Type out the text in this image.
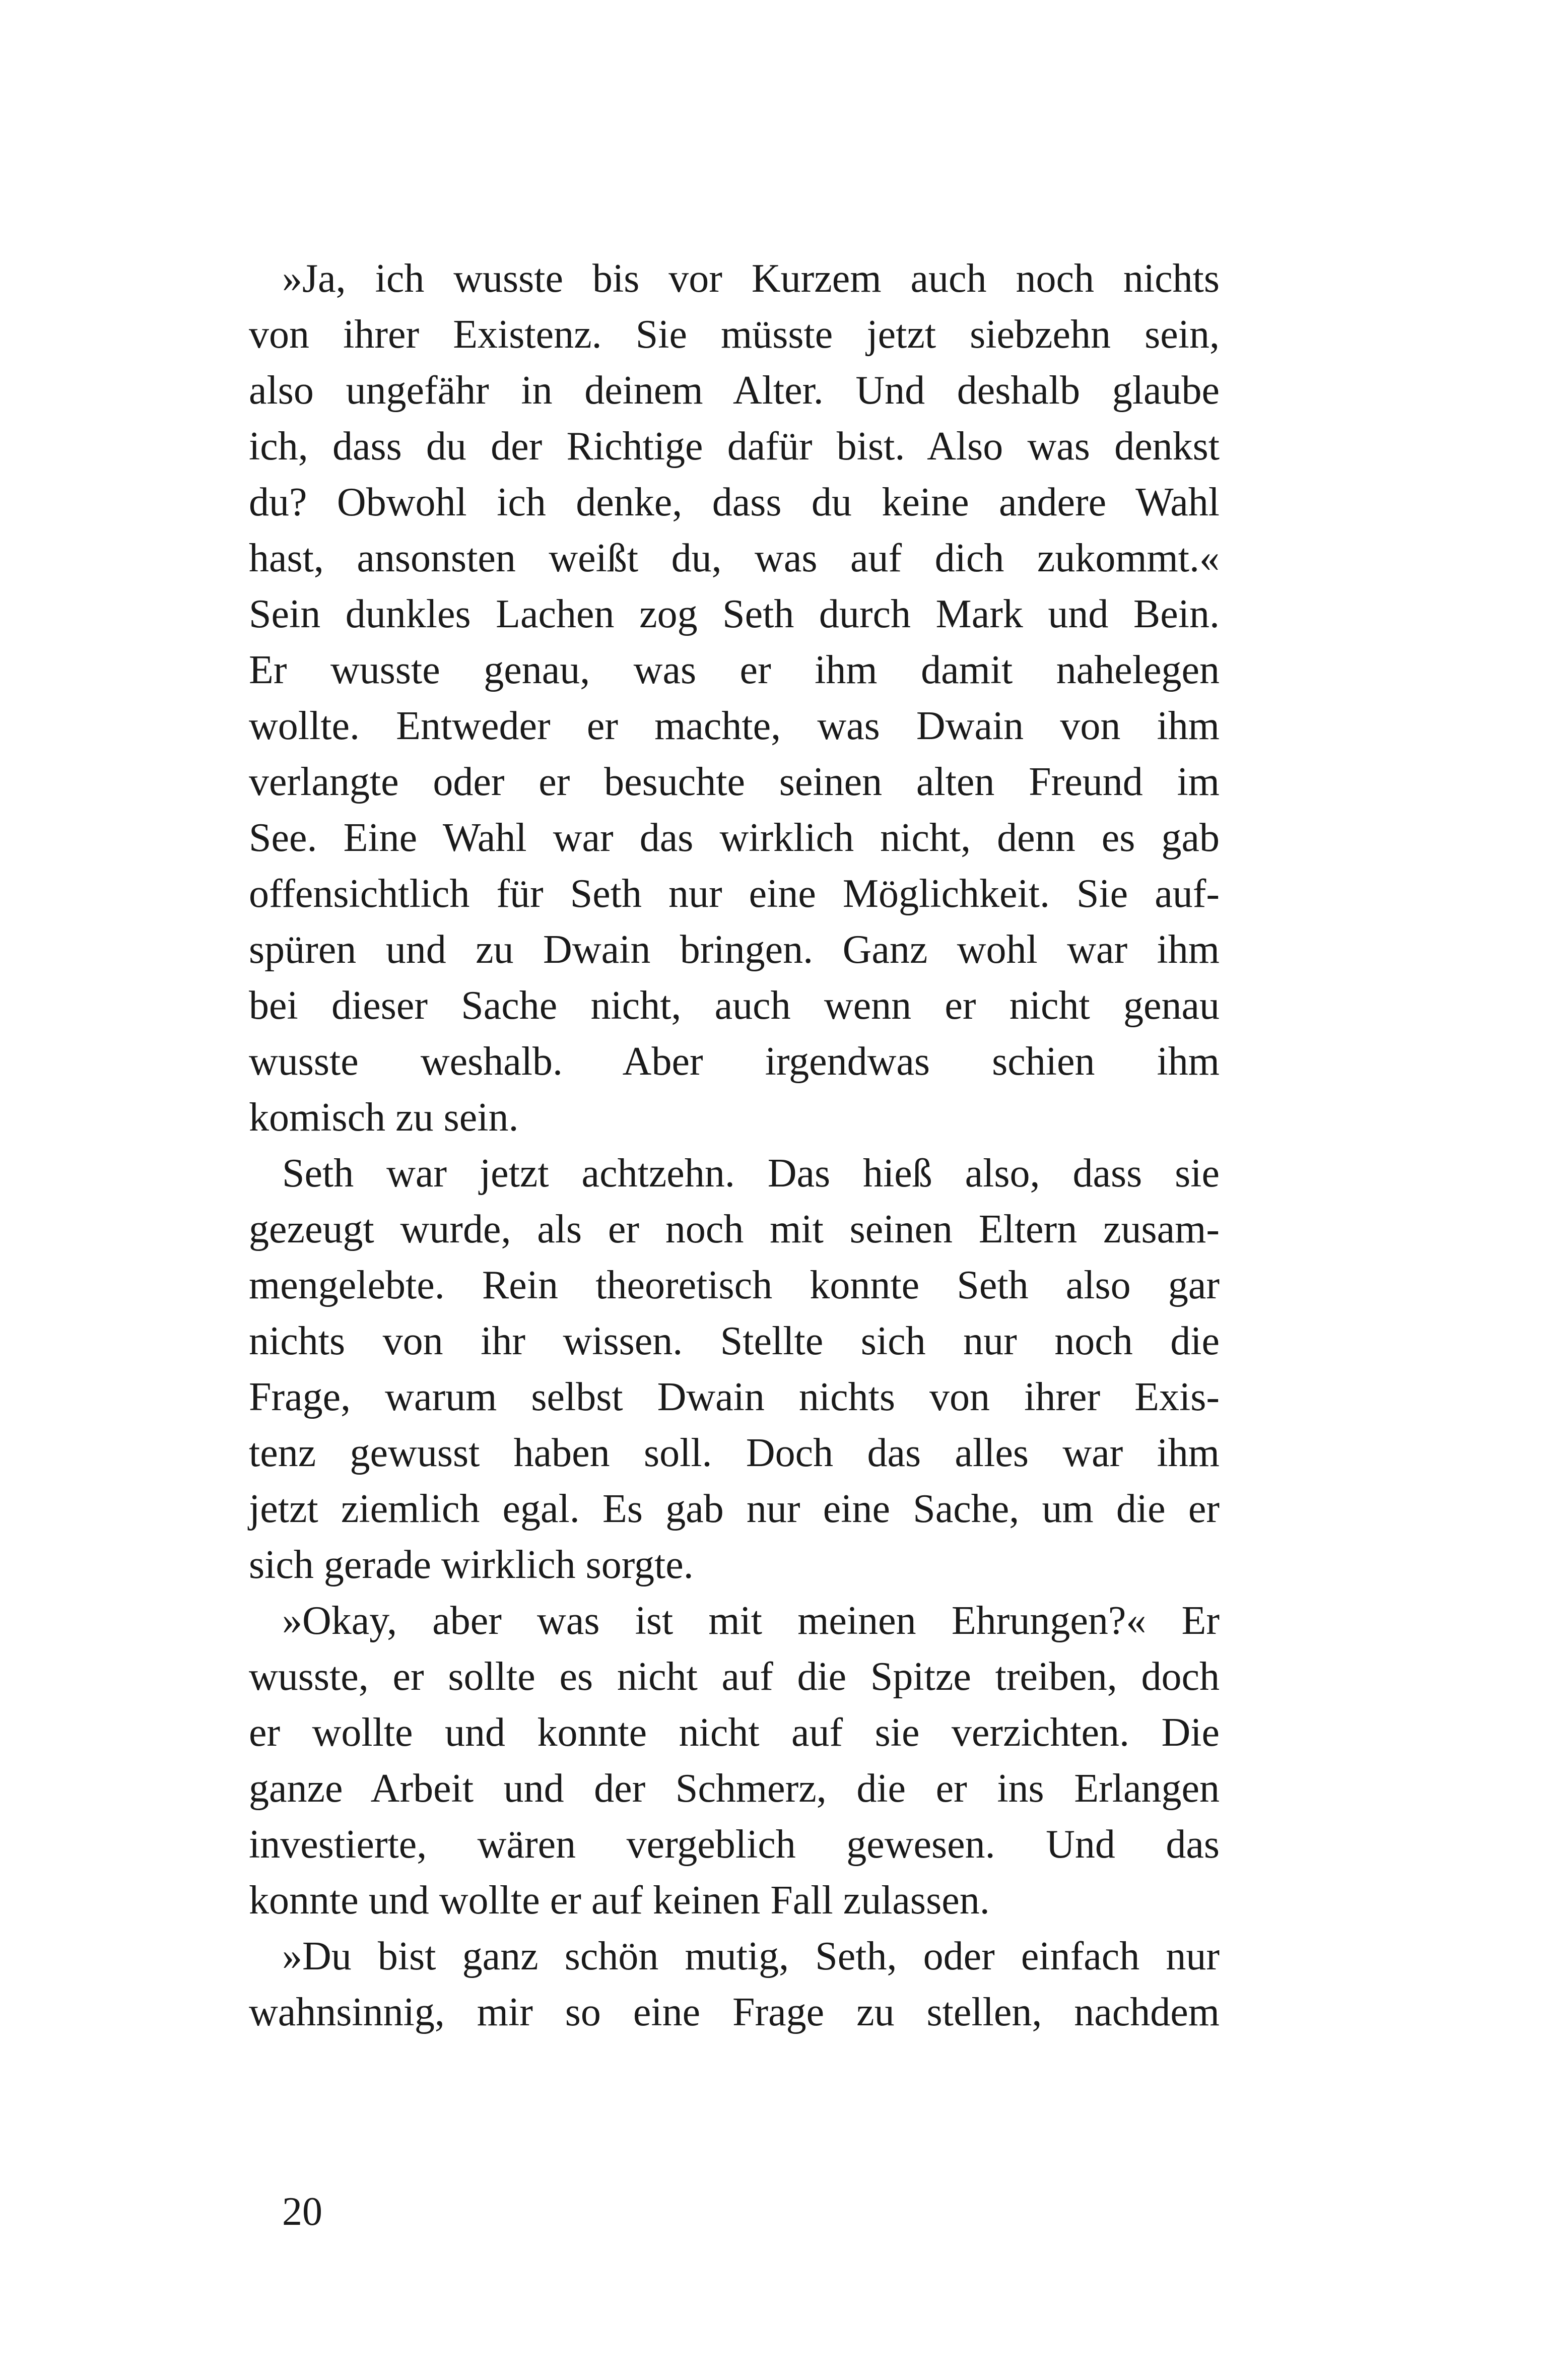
»Ja, ich wusste bis vor Kurzem auch noch nichts
von ihrer Existenz. Sie müsste jetzt siebzehn sein,
also ungefähr in deinem Alter. Und deshalb glaube
ich, dass du der Richtige dafür bist. Also was denkst
du? Obwohl ich denke, dass du keine andere Wahl
hast, ansonsten weißt du, was auf dich zukommt.«
Sein dunkles Lachen zog Seth durch Mark und Bein.
Er wusste genau, was er ihm damit nahelegen
wollte. Entweder er machte, was Dwain von ihm
verlangte oder er besuchte seinen alten Freund im
See. Eine Wahl war das wirklich nicht, denn es gab
offensichtlich für Seth nur eine Möglichkeit. Sie auf-
spüren und zu Dwain bringen. Ganz wohl war ihm
bei dieser Sache nicht, auch wenn er nicht genau
wusste weshalb. Aber irgendwas schien ihm
komisch zu sein.
Seth war jetzt achtzehn. Das hieß also, dass sie
gezeugt wurde, als er noch mit seinen Eltern zusam-
mengelebte. Rein theoretisch konnte Seth also gar
nichts von ihr wissen. Stellte sich nur noch die
Frage, warum selbst Dwain nichts von ihrer Exis-
tenz gewusst haben soll. Doch das alles war ihm
jetzt ziemlich egal. Es gab nur eine Sache, um die er
sich gerade wirklich sorgte.
»Okay, aber was ist mit meinen Ehrungen?« Er
wusste, er sollte es nicht auf die Spitze treiben, doch
er wollte und konnte nicht auf sie verzichten. Die
ganze Arbeit und der Schmerz, die er ins Erlangen
investierte, wären vergeblich gewesen. Und das
konnte und wollte er auf keinen Fall zulassen.
»Du bist ganz schön mutig, Seth, oder einfach nur
wahnsinnig, mir so eine Frage zu stellen, nachdem
20
